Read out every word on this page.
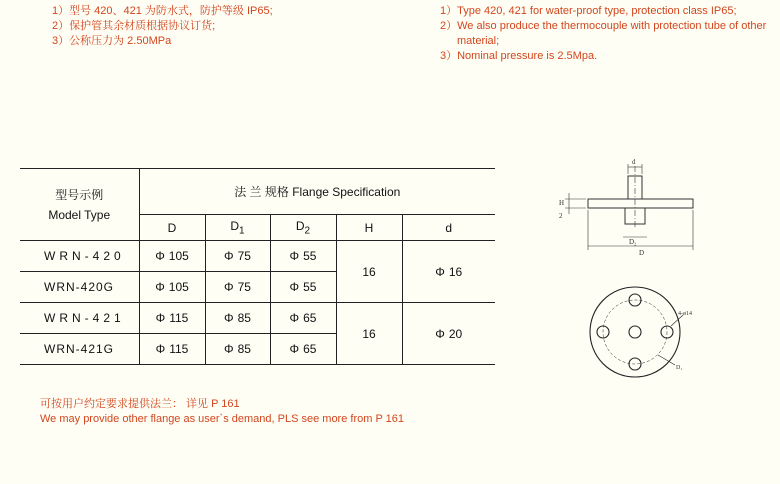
1）型号 420、421 为防水式，防护等级 IP65;
2）保护管其余材质根据协议订货;
3）公称压力为 2.50MPa
1）Type 420, 421 for water-proof type, protection class IP65;
2）We also produce the thermocouple with protection tube of other
material;
3）Nominal pressure is 2.5Mpa.
型号示例
Model Type	法 兰 规格 Flange Specification				
	D	$D_1$	$D_2$	H	d
WRN-420	Φ 105	Φ 75	Φ 55	16	Φ 16
WRN-420G	Φ 105	Φ 75	Φ 55		
WRN-421	Φ 115	Φ 85	Φ 65	16	Φ 20
WRN-421G	Φ 115	Φ 85	Φ 65		
可按用户约定要求提供法兰： 详见 P 161
We may provide other flange as user`s demand, PLS see more from P 161
d
H
2
D₂
D
4-ø14
D₁
